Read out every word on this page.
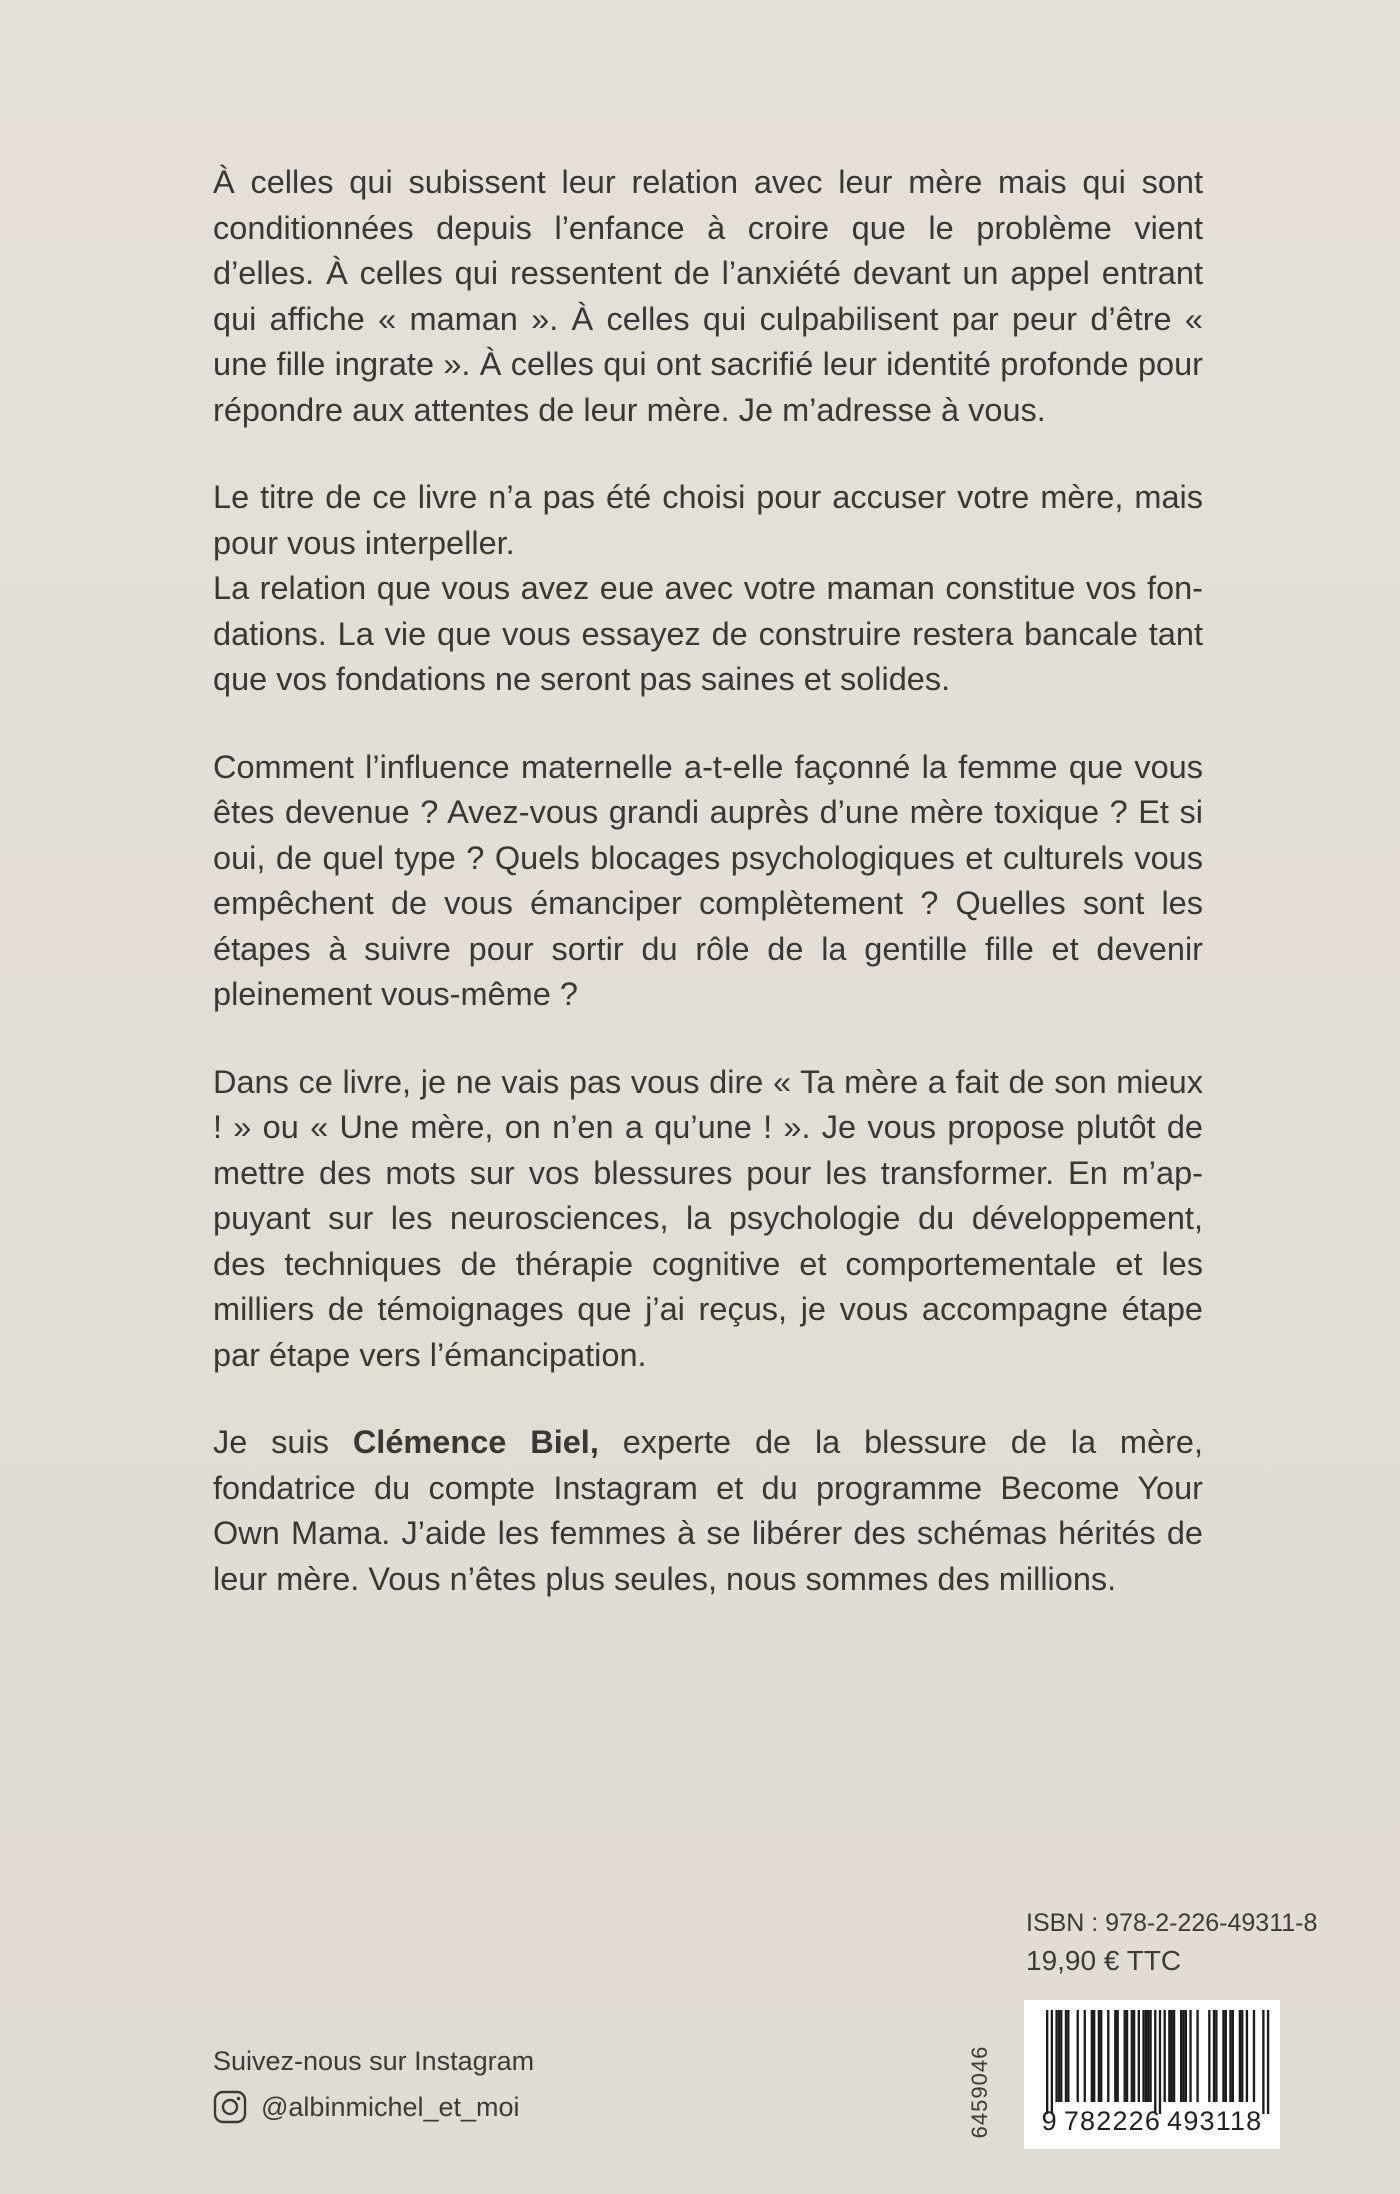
À celles qui subissent leur relation avec leur mère mais qui sont conditionnées depuis l’enfance à croire que le problème vient d’elles. À celles qui ressentent de l’anxiété devant un appel entrant qui affiche « maman ». À celles qui culpabilisent par peur d’être « une fille ingrate ». À celles qui ont sacrifié leur identité profonde pour répondre aux attentes de leur mère. Je m’adresse à vous.

Le titre de ce livre n’a pas été choisi pour accuser votre mère, mais pour vous interpeller.

La relation que vous avez eue avec votre maman constitue vos fon-dations. La vie que vous essayez de construire restera bancale tant que vos fondations ne seront pas saines et solides.

Comment l’influence maternelle a-t-elle façonné la femme que vous êtes devenue ? Avez-vous grandi auprès d’une mère toxique ? Et si oui, de quel type ? Quels blocages psychologiques et culturels vous empêchent de vous émanciper complètement ? Quelles sont les étapes à suivre pour sortir du rôle de la gentille fille et devenir pleinement vous-même ?

Dans ce livre, je ne vais pas vous dire « Ta mère a fait de son mieux ! » ou « Une mère, on n’en a qu’une ! ». Je vous propose plutôt de mettre des mots sur vos blessures pour les transformer. En m’ap-puyant sur les neurosciences, la psychologie du développement, des techniques de thérapie cognitive et comportementale et les milliers de témoignages que j’ai reçus, je vous accompagne étape par étape vers l’émancipation.

Je suis Clémence Biel, experte de la blessure de la mère, fondatrice du compte Instagram et du programme Become Your Own Mama. J’aide les femmes à se libérer des schémas hérités de leur mère. Vous n’êtes plus seules, nous sommes des millions.

Suivez-nous sur Instagram
@albinmichel_et_moi
ISBN : 978-2-226-49311-8
19,90 € TTC
6459046	9 782226 493118
